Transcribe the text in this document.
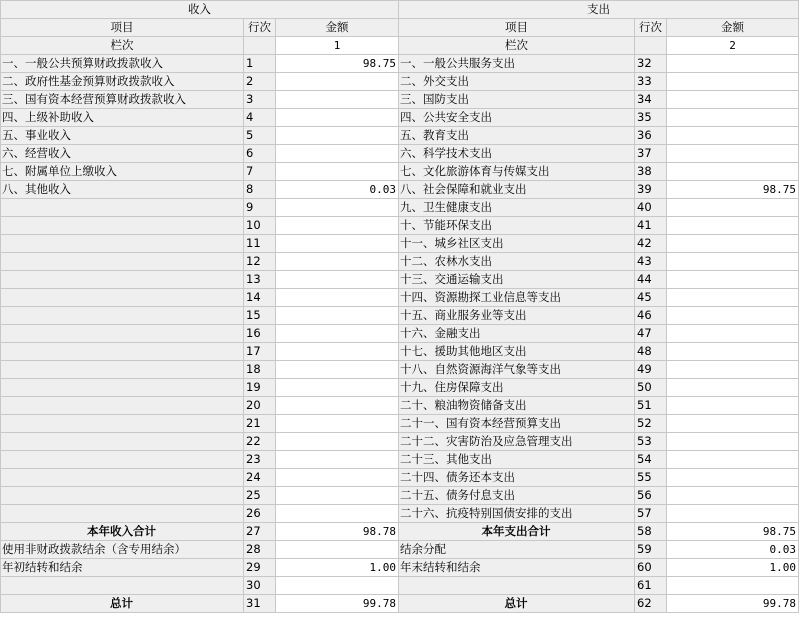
收入			支出		
项目	行次	金额	项目	行次	金额
栏次		1	栏次		2
一、一般公共预算财政拨款收入	1	98.75	一、一般公共服务支出	32	
二、政府性基金预算财政拨款收入	2		二、外交支出	33	
三、国有资本经营预算财政拨款收入	3		三、国防支出	34	
四、上级补助收入	4		四、公共安全支出	35	
五、事业收入	5		五、教育支出	36	
六、经营收入	6		六、科学技术支出	37	
七、附属单位上缴收入	7		七、文化旅游体育与传媒支出	38	
八、其他收入	8	0.03	八、社会保障和就业支出	39	98.75
	9		九、卫生健康支出	40	
	10		十、节能环保支出	41	
	11		十一、城乡社区支出	42	
	12		十二、农林水支出	43	
	13		十三、交通运输支出	44	
	14		十四、资源勘探工业信息等支出	45	
	15		十五、商业服务业等支出	46	
	16		十六、金融支出	47	
	17		十七、援助其他地区支出	48	
	18		十八、自然资源海洋气象等支出	49	
	19		十九、住房保障支出	50	
	20		二十、粮油物资储备支出	51	
	21		二十一、国有资本经营预算支出	52	
	22		二十二、灾害防治及应急管理支出	53	
	23		二十三、其他支出	54	
	24		二十四、债务还本支出	55	
	25		二十五、债务付息支出	56	
	26		二十六、抗疫特别国债安排的支出	57	
本年收入合计	27	98.78	本年支出合计	58	98.75
使用非财政拨款结余（含专用结余）	28		结余分配	59	0.03
年初结转和结余	29	1.00	年末结转和结余	60	1.00
	30			61	
总计	31	99.78	总计	62	99.78
